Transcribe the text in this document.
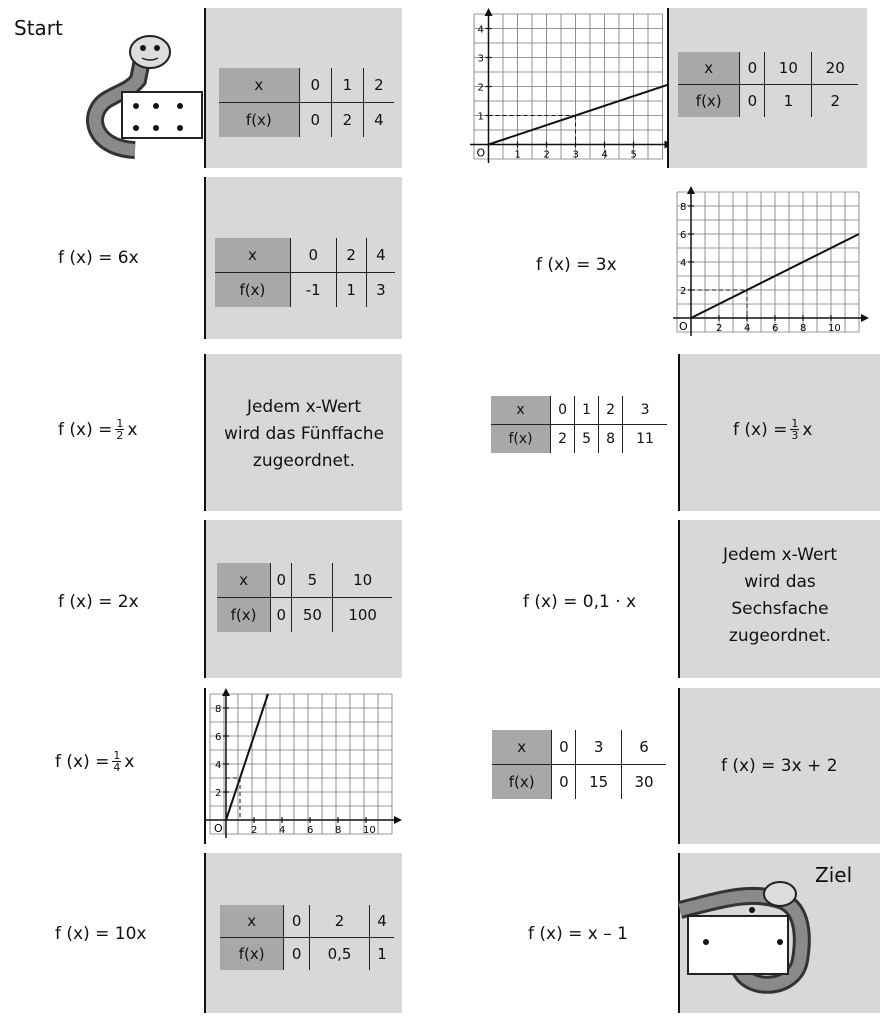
Start
x	0	1	2
f(x)	0	2	4
O	1 2 3 4 5
1
2
3
4
x	0	10	20
f(x)	0	1	2
f (x) = 6x	x	0	2	4
f(x)	-1	1	3
f (x) = 3x
O	2 4 6 8 10
2
4
6
8
f $(x) = \frac{1}{2}$ x
Jedem x-Wert
wird das Fünffache
zugeordnet.
x	0	1	2	3
f(x)	2	5	8	11	f $(x) = \frac{1}{3}$ x
f (x) = 2x
x	0	5	10
f(x)	0	50	100
f (x) = 0,1 · x
Jedem x-Wert
wird das
Sechsfache
zugeordnet.
f $(x) = \frac{1}{4}$ x
O	2 4 6 8 10
2
4
6
8
x	0	3	6
f(x)	0	15	30
f (x) = 3x + 2
f (x) = 10x
x	0	2	4
f(x)	0	0,5	1
f (x) = x – 1
Ziel
